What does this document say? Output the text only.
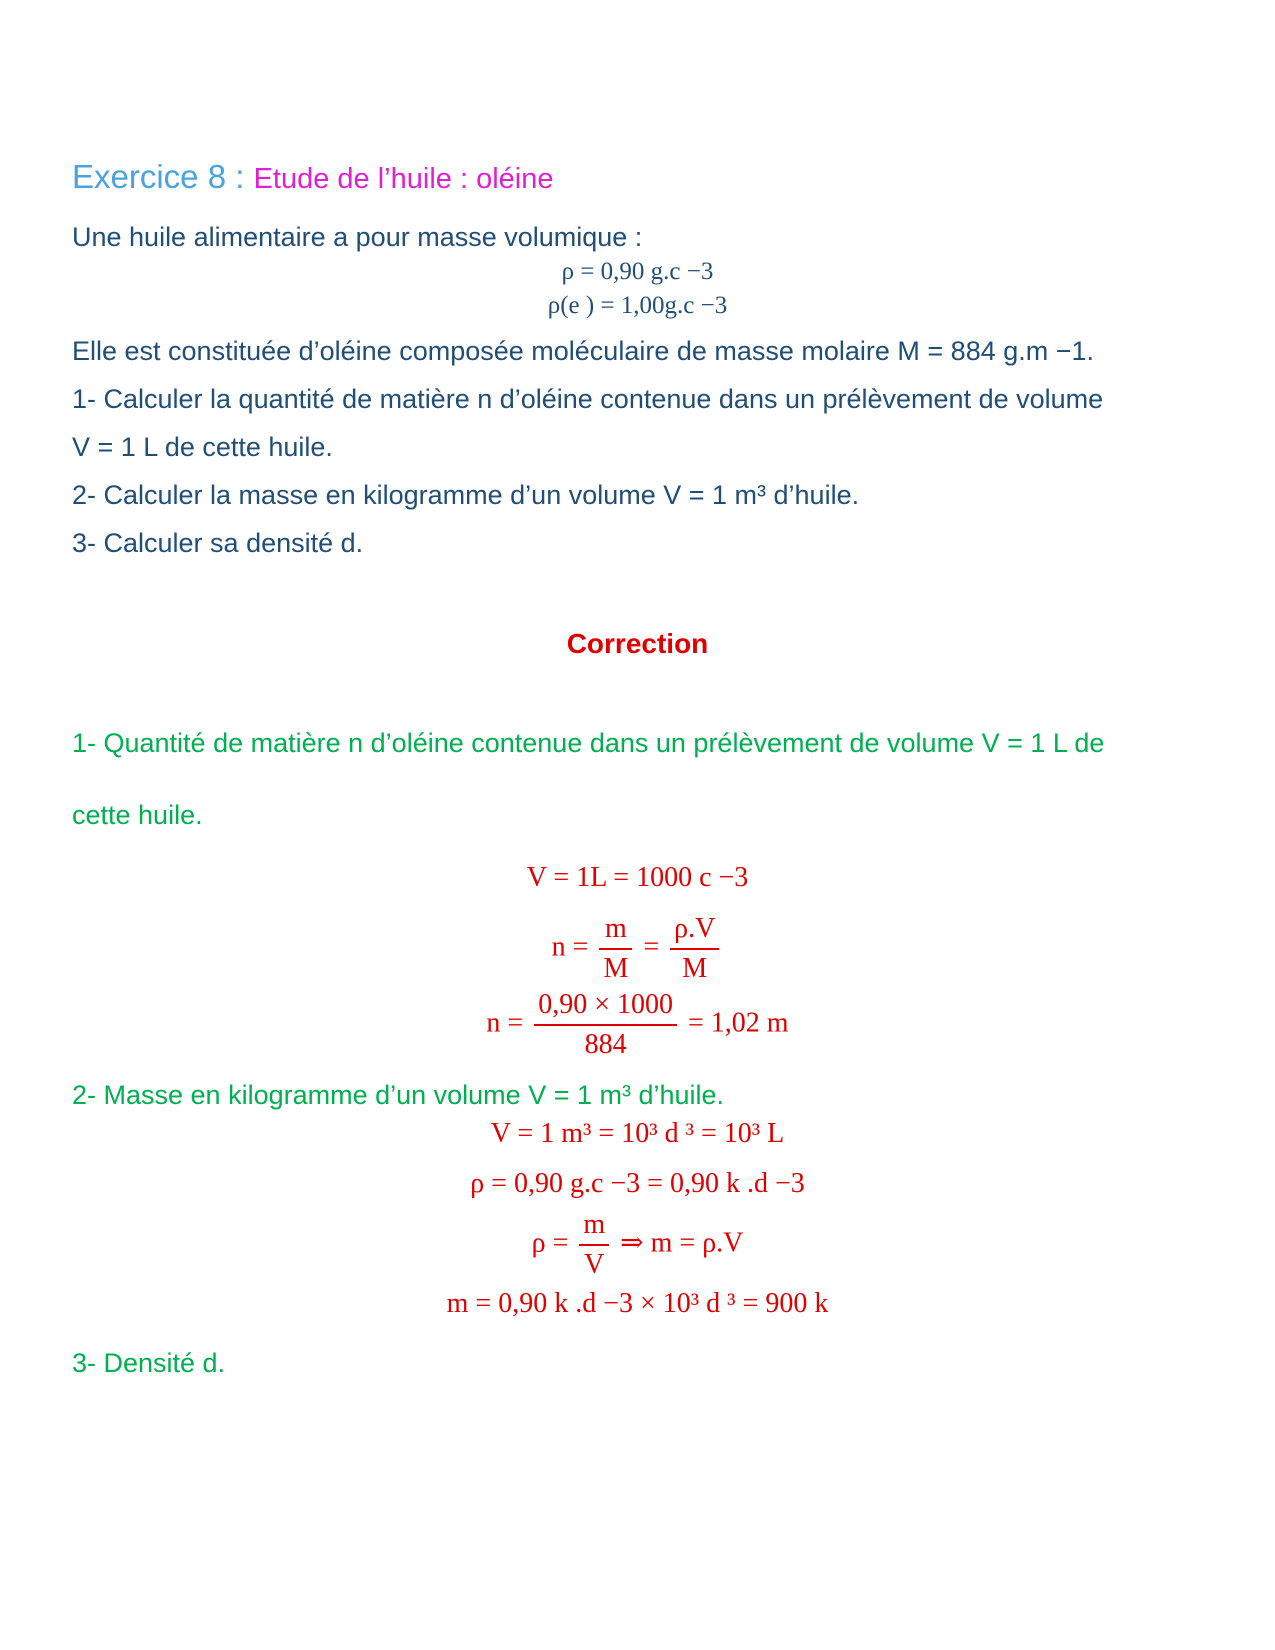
Exercice 8 : Etude de l’huile : oléine
Une huile alimentaire a pour masse volumique :
ρ = 0,90 g.c −3
ρ(e ) = 1,00g.c −3
Elle est constituée d’oléine composée moléculaire de masse molaire M = 884 g.m −1.
1- Calculer la quantité de matière n d’oléine contenue dans un prélèvement de volume
V = 1 L de cette huile.
2- Calculer la masse en kilogramme d’un volume V = 1 m³ d’huile.
3- Calculer sa densité d.
Correction
1- Quantité de matière n d’oléine contenue dans un prélèvement de volume V = 1 L de
cette huile.
V = 1L = 1000 c −3
$n = \frac{m}{M} = \frac{\rho.V}{M}$
$n = \frac{0,90 \times 1000}{884} = 1,02$ m
2- Masse en kilogramme d’un volume V = 1 m³ d’huile.
V = 1 m³ = 10³ d ³ = 10³ L
ρ = 0,90 g.c −3 = 0,90 k .d −3
$\rho = \frac{m}{V}$ ⇒ m = ρ.V
m = 0,90 k .d −3 × 10³ d ³ = 900 k
3- Densité d.
